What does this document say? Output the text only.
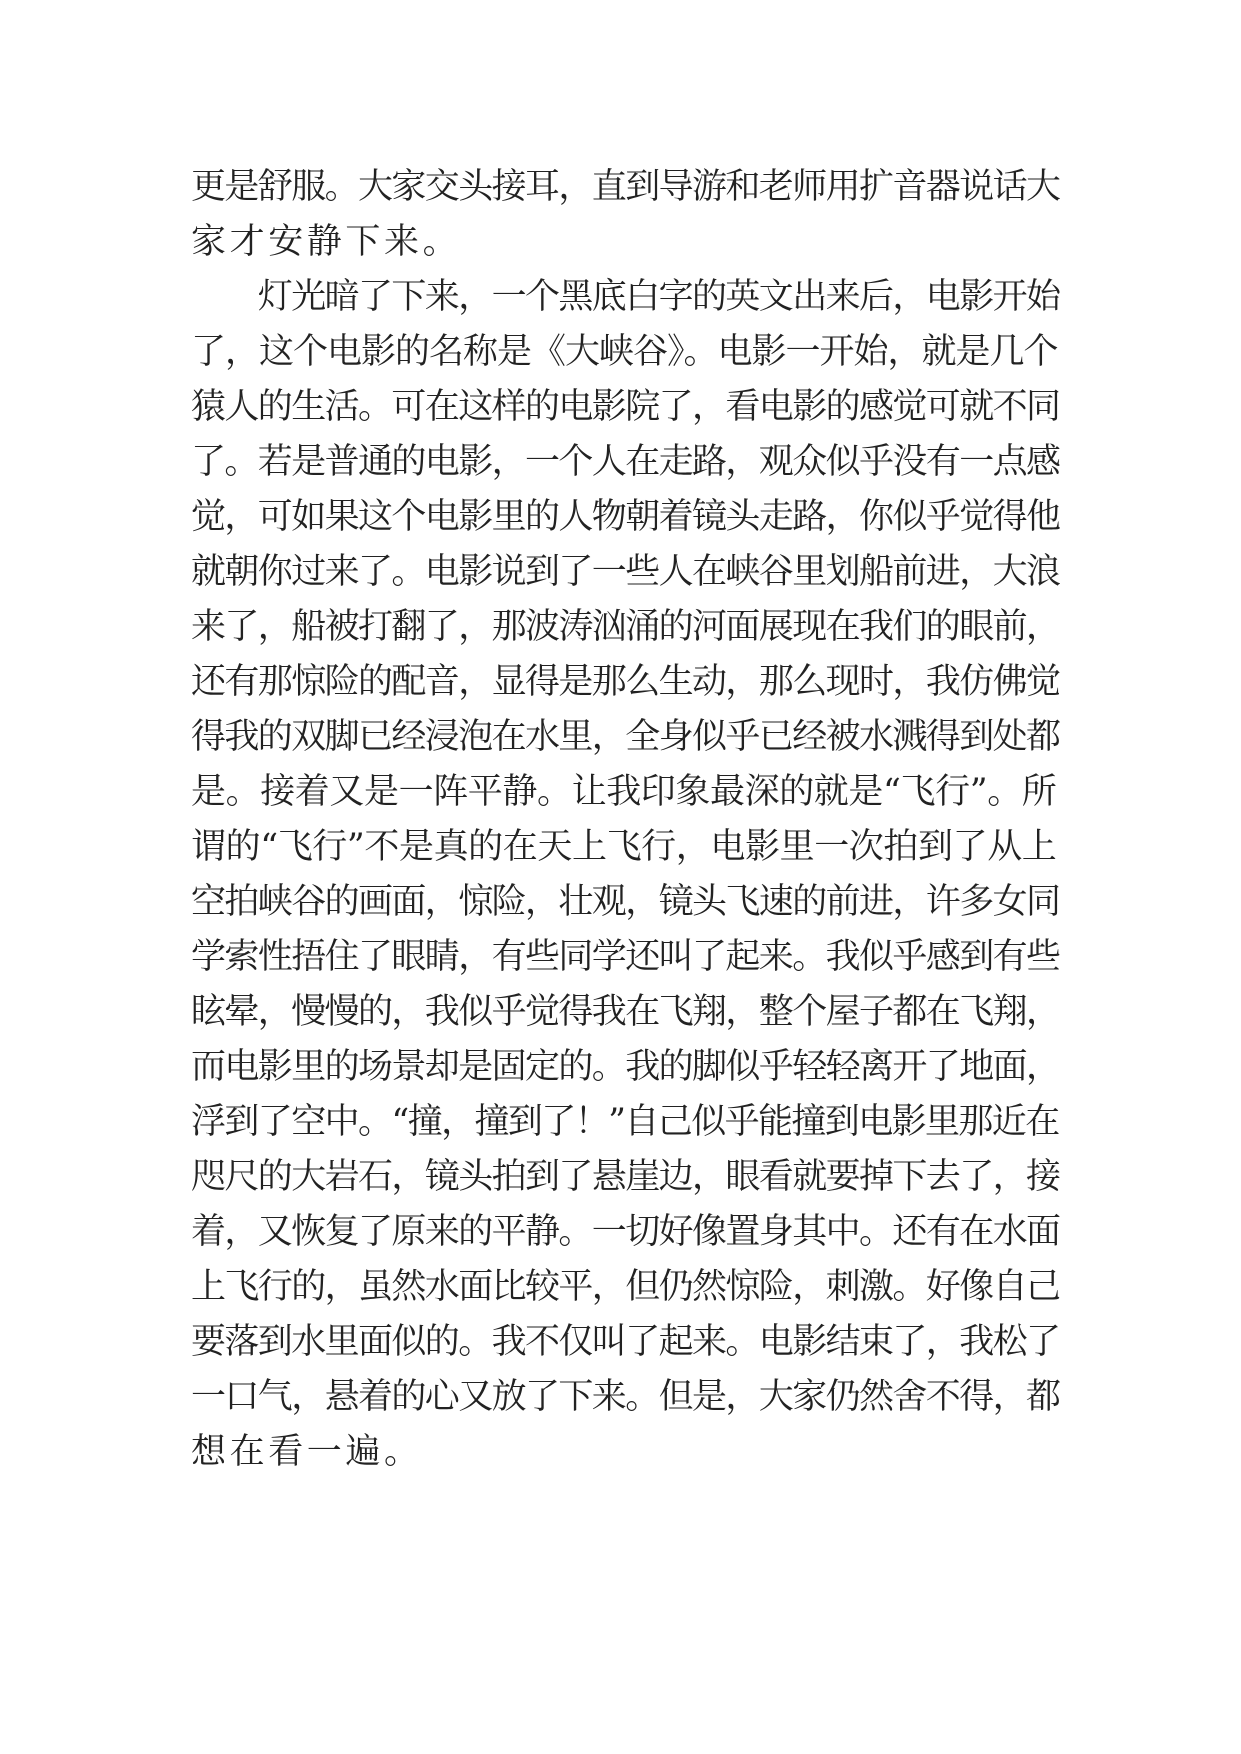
更是舒服。大家交头接耳，直到导游和老师用扩音器说话大
家才安静下来。
　　灯光暗了下来，一个黑底白字的英文出来后，电影开始
了，这个电影的名称是《大峡谷》。电影一开始，就是几个
猿人的生活。可在这样的电影院了，看电影的感觉可就不同
了。若是普通的电影，一个人在走路，观众似乎没有一点感
觉，可如果这个电影里的人物朝着镜头走路，你似乎觉得他
就朝你过来了。电影说到了一些人在峡谷里划船前进，大浪
来了，船被打翻了，那波涛汹涌的河面展现在我们的眼前，
还有那惊险的配音，显得是那么生动，那么现时，我仿佛觉
得我的双脚已经浸泡在水里，全身似乎已经被水溅得到处都
是。接着又是一阵平静。让我印象最深的就是“飞行”。所
谓的“飞行”不是真的在天上飞行，电影里一次拍到了从上
空拍峡谷的画面，惊险，壮观，镜头飞速的前进，许多女同
学索性捂住了眼睛，有些同学还叫了起来。我似乎感到有些
眩晕，慢慢的，我似乎觉得我在飞翔，整个屋子都在飞翔，
而电影里的场景却是固定的。我的脚似乎轻轻离开了地面，
浮到了空中。“撞，撞到了！”自己似乎能撞到电影里那近在
咫尺的大岩石，镜头拍到了悬崖边，眼看就要掉下去了，接
着，又恢复了原来的平静。一切好像置身其中。还有在水面
上飞行的，虽然水面比较平，但仍然惊险，刺激。好像自己
要落到水里面似的。我不仅叫了起来。电影结束了，我松了
一口气，悬着的心又放了下来。但是，大家仍然舍不得，都
想在看一遍。
